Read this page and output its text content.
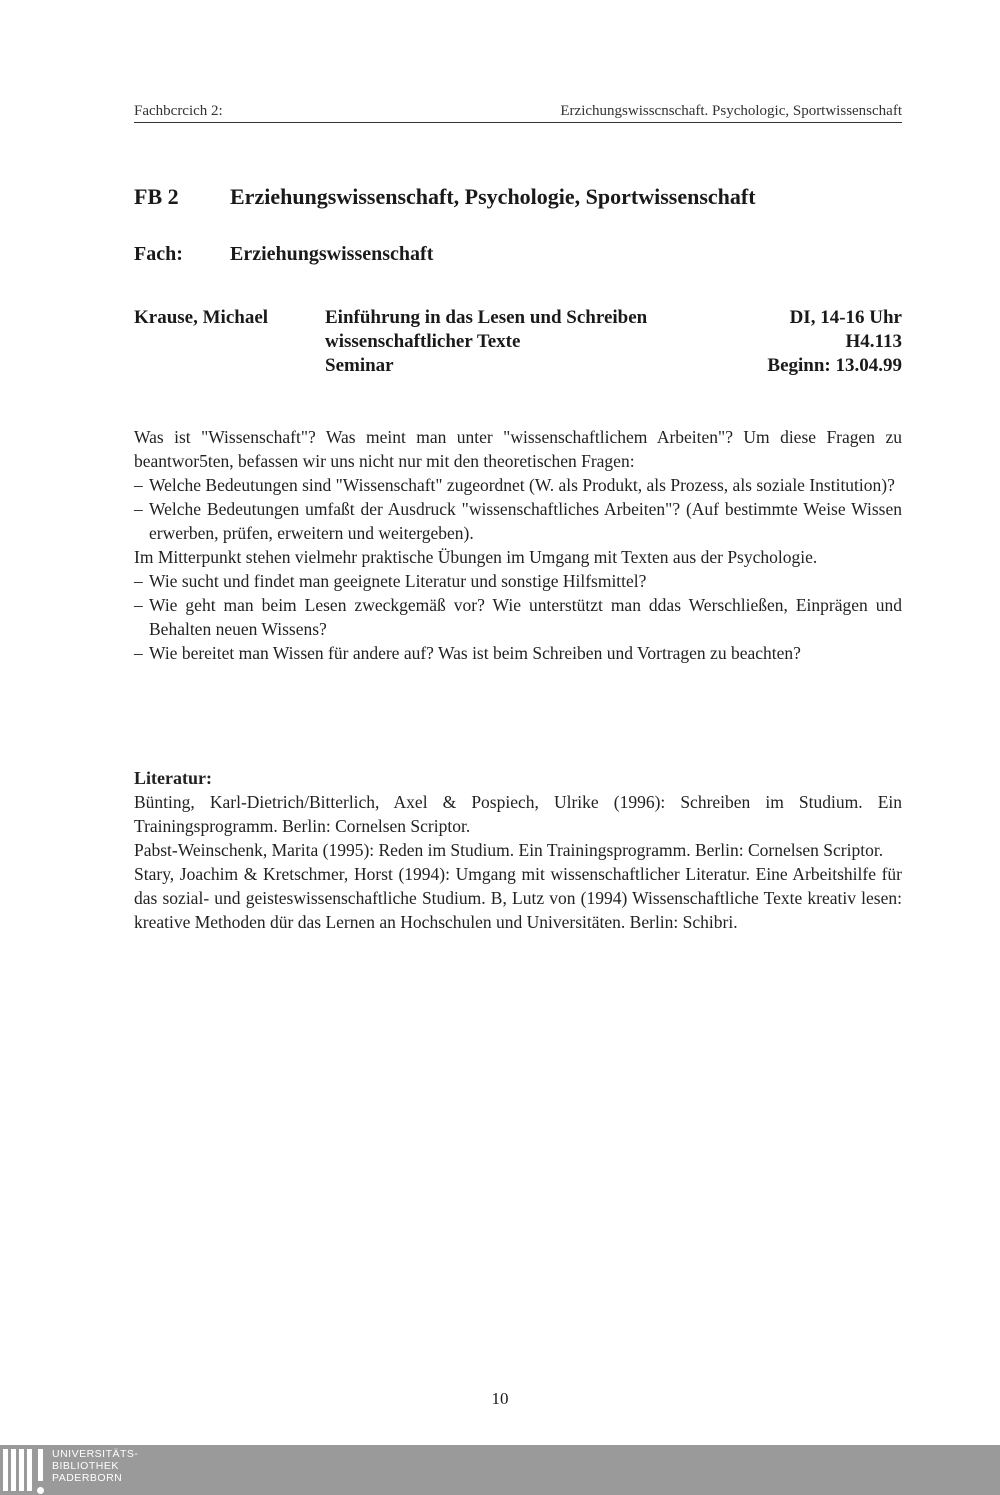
Fachbcrcich 2:	Erzichungswisscnschaft. Psychologic, Sportwissenschaft
FB 2 Erziehungswissenschaft, Psychologie, Sportwissenschaft
Fach: Erziehungswissenschaft
Krause, Michael	Einführung in das Lesen und Schreiben
wissenschaftlicher Texte
Seminar
DI, 14-16 Uhr
H4.113
Beginn: 13.04.99

Was ist "Wissenschaft"? Was meint man unter "wissenschaftlichem Arbeiten"? Um diese Fragen zu beantwor5ten, befassen wir uns nicht nur mit den theoretischen Fragen:

– Welche Bedeutungen sind "Wissenschaft" zugeordnet (W. als Produkt, als Prozess, als soziale Institution)?
– Welche Bedeutungen umfaßt der Ausdruck "wissenschaftliches Arbeiten"? (Auf bestimmte Weise Wissen erwerben, prüfen, erweitern und weitergeben).

Im Mitterpunkt stehen vielmehr praktische Übungen im Umgang mit Texten aus der Psychologie.

– Wie sucht und findet man geeignete Literatur und sonstige Hilfsmittel?
– Wie geht man beim Lesen zweckgemäß vor? Wie unterstützt man ddas Werschließen, Einprägen und Behalten neuen Wissens?
– Wie bereitet man Wissen für andere auf? Was ist beim Schreiben und Vortragen zu beachten?
Literatur:

Bünting, Karl-Dietrich/Bitterlich, Axel & Pospiech, Ulrike (1996): Schreiben im Studium. Ein Trainingsprogramm. Berlin: Cornelsen Scriptor.

Pabst-Weinschenk, Marita (1995): Reden im Studium. Ein Trainingsprogramm. Berlin: Cornelsen Scriptor.

Stary, Joachim & Kretschmer, Horst (1994): Umgang mit wissenschaftlicher Literatur. Eine Arbeitshilfe für das sozial- und geisteswissenschaftliche Studium. B, Lutz von (1994) Wissenschaftliche Texte kreativ lesen: kreative Methoden dür das Lernen an Hochschulen und Universitäten. Berlin: Schibri.

10
UNIVERSITÄTS-
BIBLIOTHEK
PADERBORN
